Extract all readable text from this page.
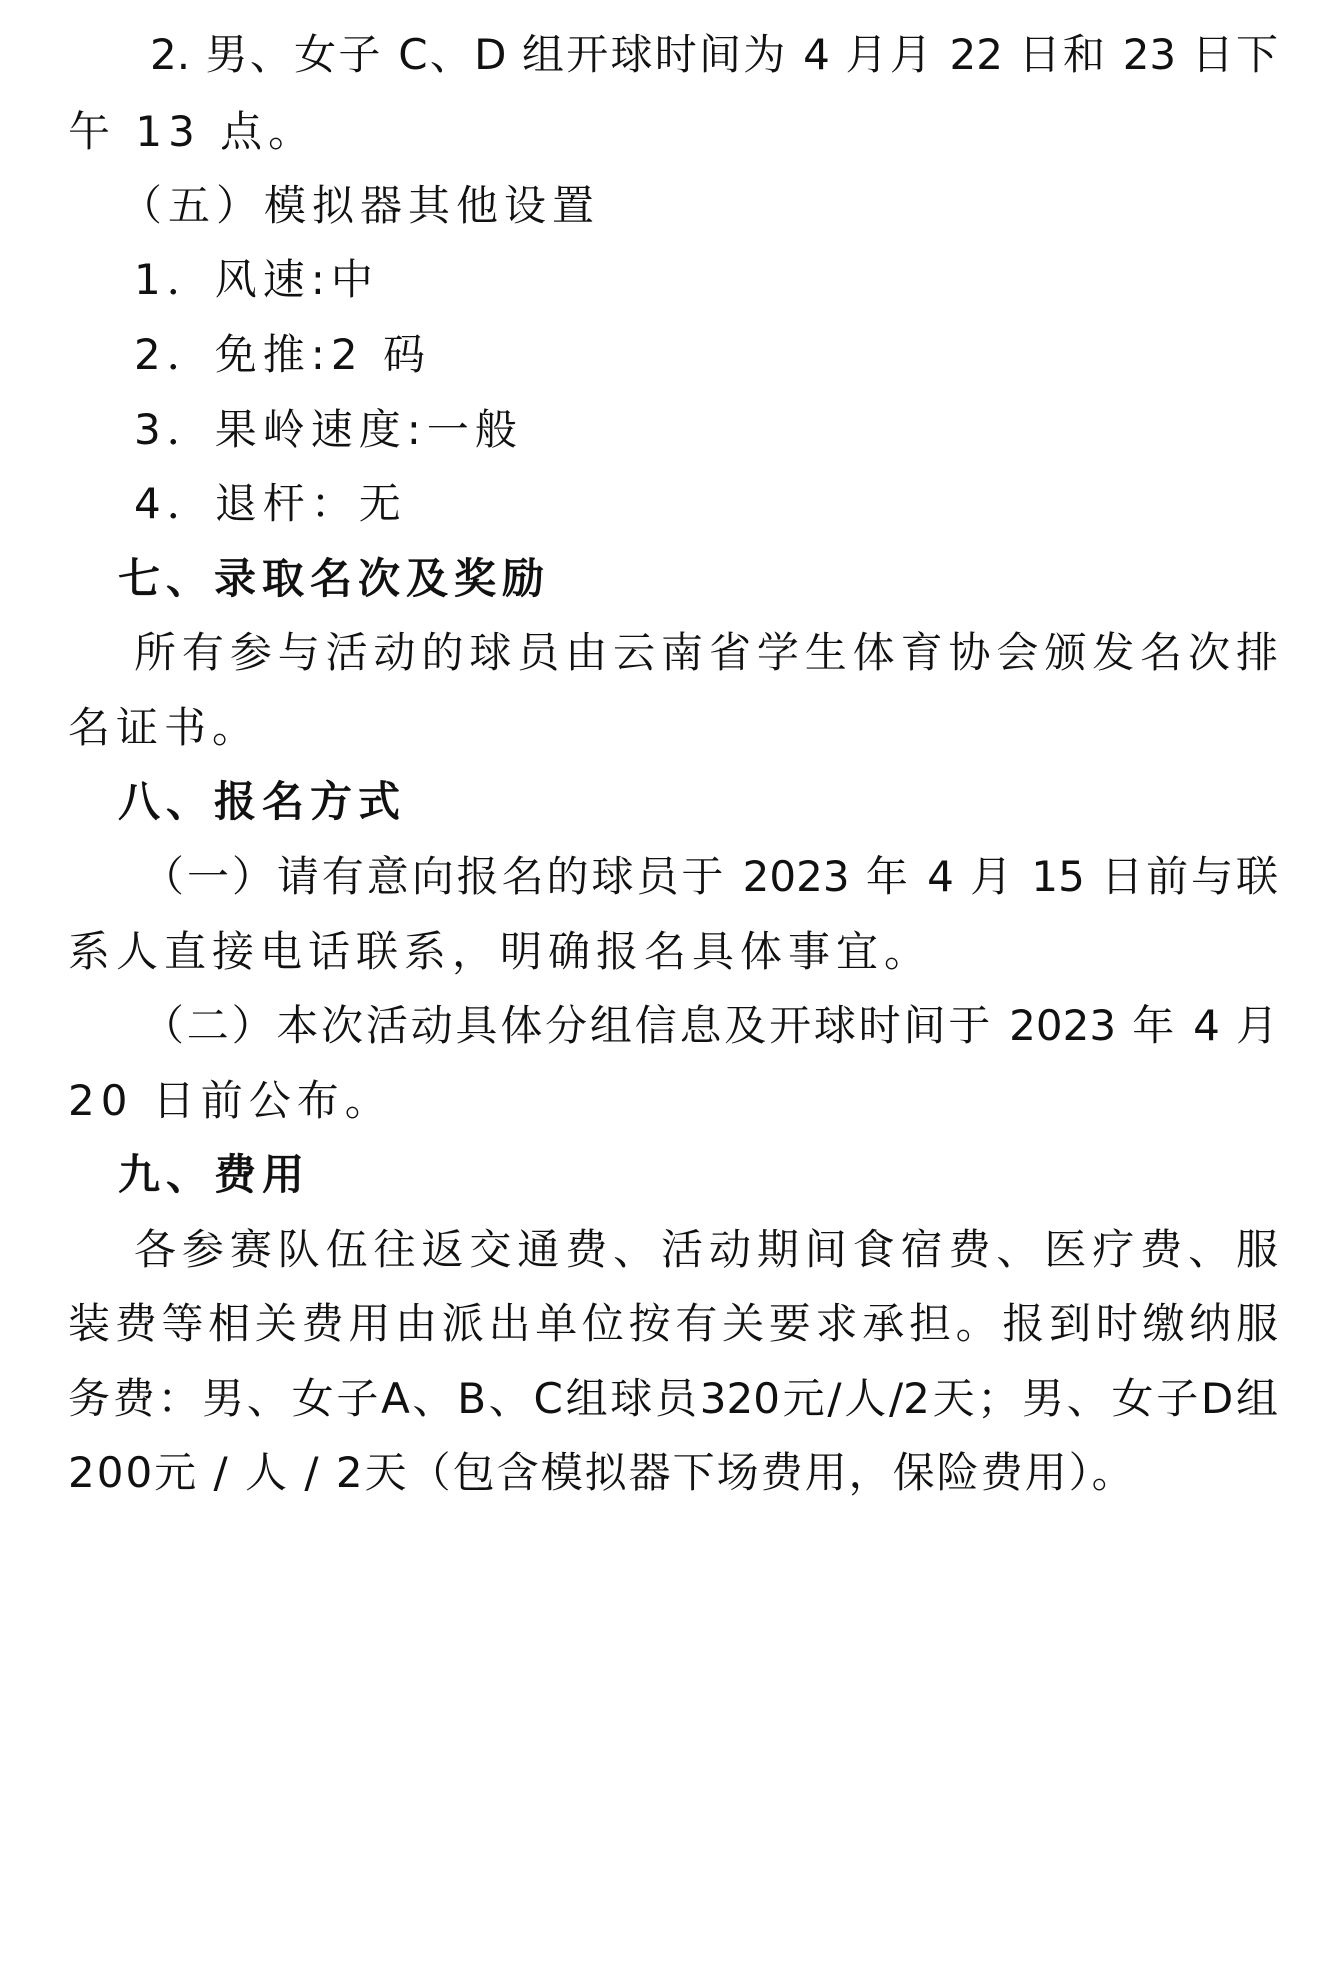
2. 男、女子 C、D 组开球时间为 4 月月 22 日和 23 日下
午 13 点。
（五）模拟器其他设置
1．风速:中
2．免推:2 码
3．果岭速度:一般
4．退杆：无
七、录取名次及奖励
所有参与活动的球员由云南省学生体育协会颁发名次排
名证书。
八、报名方式
（一）请有意向报名的球员于 2023 年 4 月 15 日前与联
系人直接电话联系，明确报名具体事宜。
（二）本次活动具体分组信息及开球时间于 2023 年 4 月
20 日前公布。
九、费用
各参赛队伍往返交通费、活动期间食宿费、医疗费、服
装费等相关费用由派出单位按有关要求承担。报到时缴纳服
务费：男、女子A、B、C组球员320元/人/2天；男、女子D组
200元 / 人 / 2天（包含模拟器下场费用，保险费用）。
